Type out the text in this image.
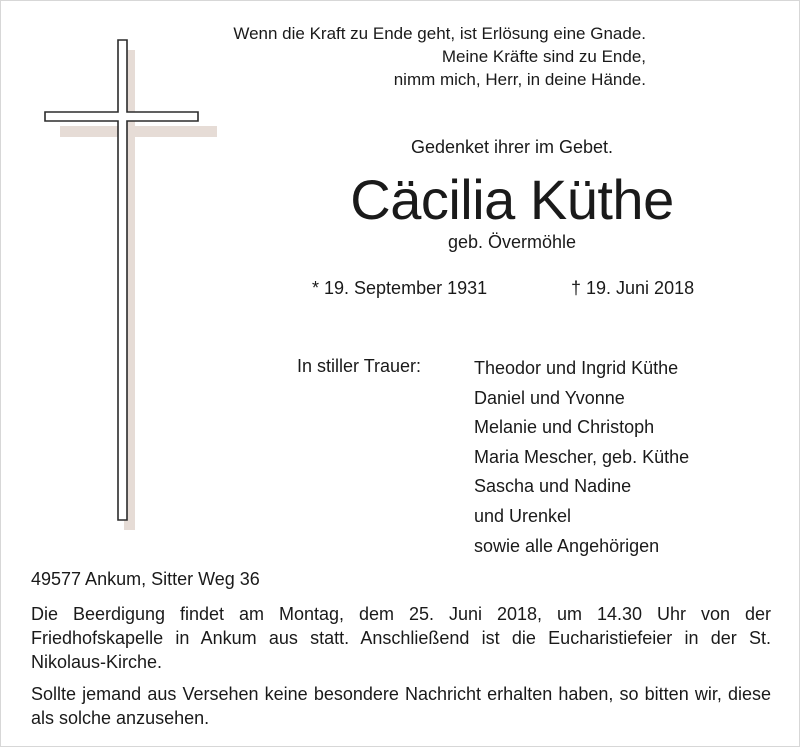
Wenn die Kraft zu Ende geht, ist Erlösung eine Gnade.
Meine Kräfte sind zu Ende,
nimm mich, Herr, in deine Hände.
Gedenket ihrer im Gebet.
Cäcilia Küthe
geb. Övermöhle
* 19. September 1931	† 19. Juni 2018
In stiller Trauer:	Theodor und Ingrid Küthe
Daniel und Yvonne
Melanie und Christoph
Maria Mescher, geb. Küthe
Sascha und Nadine
und Urenkel
sowie alle Angehörigen
49577 Ankum, Sitter Weg 36
Die Beerdigung findet am Montag, dem 25. Juni 2018, um 14.30 Uhr von der Friedhofskapelle in Ankum aus statt. Anschließend ist die Eucharistiefeier in der St. Nikolaus-Kirche.
Sollte jemand aus Versehen keine besondere Nachricht erhalten haben, so bitten wir, diese als solche anzusehen.
